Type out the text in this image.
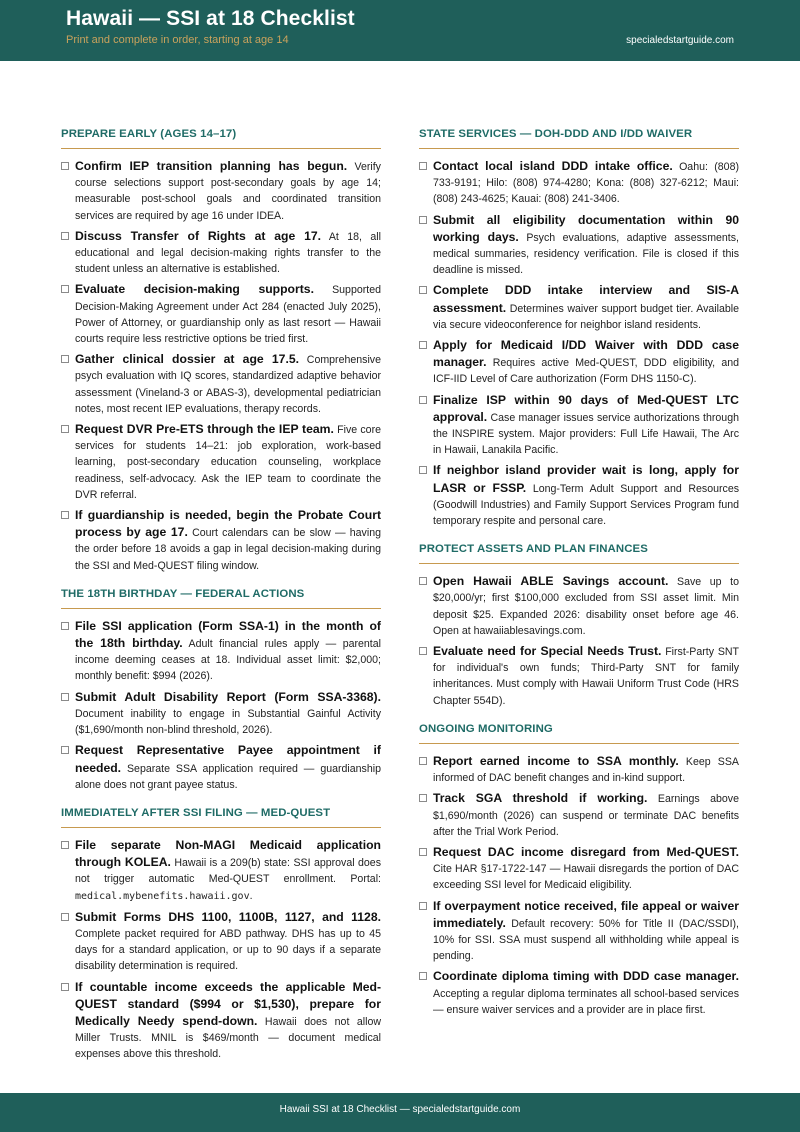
Hawaii — SSI at 18 Checklist
Print and complete in order, starting at age 14	specialedstartguide.com
PREPARE EARLY (AGES 14–17)
Confirm IEP transition planning has begun. Verify course selections support post-secondary goals by age 14; measurable post-school goals and coordinated transition services are required by age 16 under IDEA.
Discuss Transfer of Rights at age 17. At 18, all educational and legal decision-making rights transfer to the student unless an alternative is established.
Evaluate decision-making supports. Supported Decision-Making Agreement under Act 284 (enacted July 2025), Power of Attorney, or guardianship only as last resort — Hawaii courts require less restrictive options be tried first.
Gather clinical dossier at age 17.5. Comprehensive psych evaluation with IQ scores, standardized adaptive behavior assessment (Vineland-3 or ABAS-3), developmental pediatrician notes, most recent IEP evaluations, therapy records.
Request DVR Pre-ETS through the IEP team. Five core services for students 14–21: job exploration, work-based learning, post-secondary education counseling, workplace readiness, self-advocacy. Ask the IEP team to coordinate the DVR referral.
If guardianship is needed, begin the Probate Court process by age 17. Court calendars can be slow — having the order before 18 avoids a gap in legal decision-making during the SSI and Med-QUEST filing window.
THE 18TH BIRTHDAY — FEDERAL ACTIONS
File SSI application (Form SSA-1) in the month of the 18th birthday. Adult financial rules apply — parental income deeming ceases at 18. Individual asset limit: $2,000; monthly benefit: $994 (2026).
Submit Adult Disability Report (Form SSA-3368). Document inability to engage in Substantial Gainful Activity ($1,690/month non-blind threshold, 2026).
Request Representative Payee appointment if needed. Separate SSA application required — guardianship alone does not grant payee status.
IMMEDIATELY AFTER SSI FILING — MED-QUEST
File separate Non-MAGI Medicaid application through KOLEA. Hawaii is a 209(b) state: SSI approval does not trigger automatic Med-QUEST enrollment. Portal: medical.mybenefits.hawaii.gov.
Submit Forms DHS 1100, 1100B, 1127, and 1128. Complete packet required for ABD pathway. DHS has up to 45 days for a standard application, or up to 90 days if a separate disability determination is required.
If countable income exceeds the applicable Med-QUEST standard ($994 or $1,530), prepare for Medically Needy spend-down. Hawaii does not allow Miller Trusts. MNIL is $469/month — document medical expenses above this threshold.
STATE SERVICES — DOH-DDD AND I/DD WAIVER
Contact local island DDD intake office. Oahu: (808) 733-9191; Hilo: (808) 974-4280; Kona: (808) 327-6212; Maui: (808) 243-4625; Kauai: (808) 241-3406.
Submit all eligibility documentation within 90 working days. Psych evaluations, adaptive assessments, medical summaries, residency verification. File is closed if this deadline is missed.
Complete DDD intake interview and SIS-A assessment. Determines waiver support budget tier. Available via secure videoconference for neighbor island residents.
Apply for Medicaid I/DD Waiver with DDD case manager. Requires active Med-QUEST, DDD eligibility, and ICF-IID Level of Care authorization (Form DHS 1150-C).
Finalize ISP within 90 days of Med-QUEST LTC approval. Case manager issues service authorizations through the INSPIRE system. Major providers: Full Life Hawaii, The Arc in Hawaii, Lanakila Pacific.
If neighbor island provider wait is long, apply for LASR or FSSP. Long-Term Adult Support and Resources (Goodwill Industries) and Family Support Services Program fund temporary respite and personal care.
PROTECT ASSETS AND PLAN FINANCES
Open Hawaii ABLE Savings account. Save up to $20,000/yr; first $100,000 excluded from SSI asset limit. Min deposit $25. Expanded 2026: disability onset before age 46. Open at hawaiiablesavings.com.
Evaluate need for Special Needs Trust. First-Party SNT for individual's own funds; Third-Party SNT for family inheritances. Must comply with Hawaii Uniform Trust Code (HRS Chapter 554D).
ONGOING MONITORING
Report earned income to SSA monthly. Keep SSA informed of DAC benefit changes and in-kind support.
Track SGA threshold if working. Earnings above $1,690/month (2026) can suspend or terminate DAC benefits after the Trial Work Period.
Request DAC income disregard from Med-QUEST. Cite HAR §17-1722-147 — Hawaii disregards the portion of DAC exceeding SSI level for Medicaid eligibility.
If overpayment notice received, file appeal or waiver immediately. Default recovery: 50% for Title II (DAC/SSDI), 10% for SSI. SSA must suspend all withholding while appeal is pending.
Coordinate diploma timing with DDD case manager. Accepting a regular diploma terminates all school-based services — ensure waiver services and a provider are in place first.
Hawaii SSI at 18 Checklist — specialedstartguide.com
